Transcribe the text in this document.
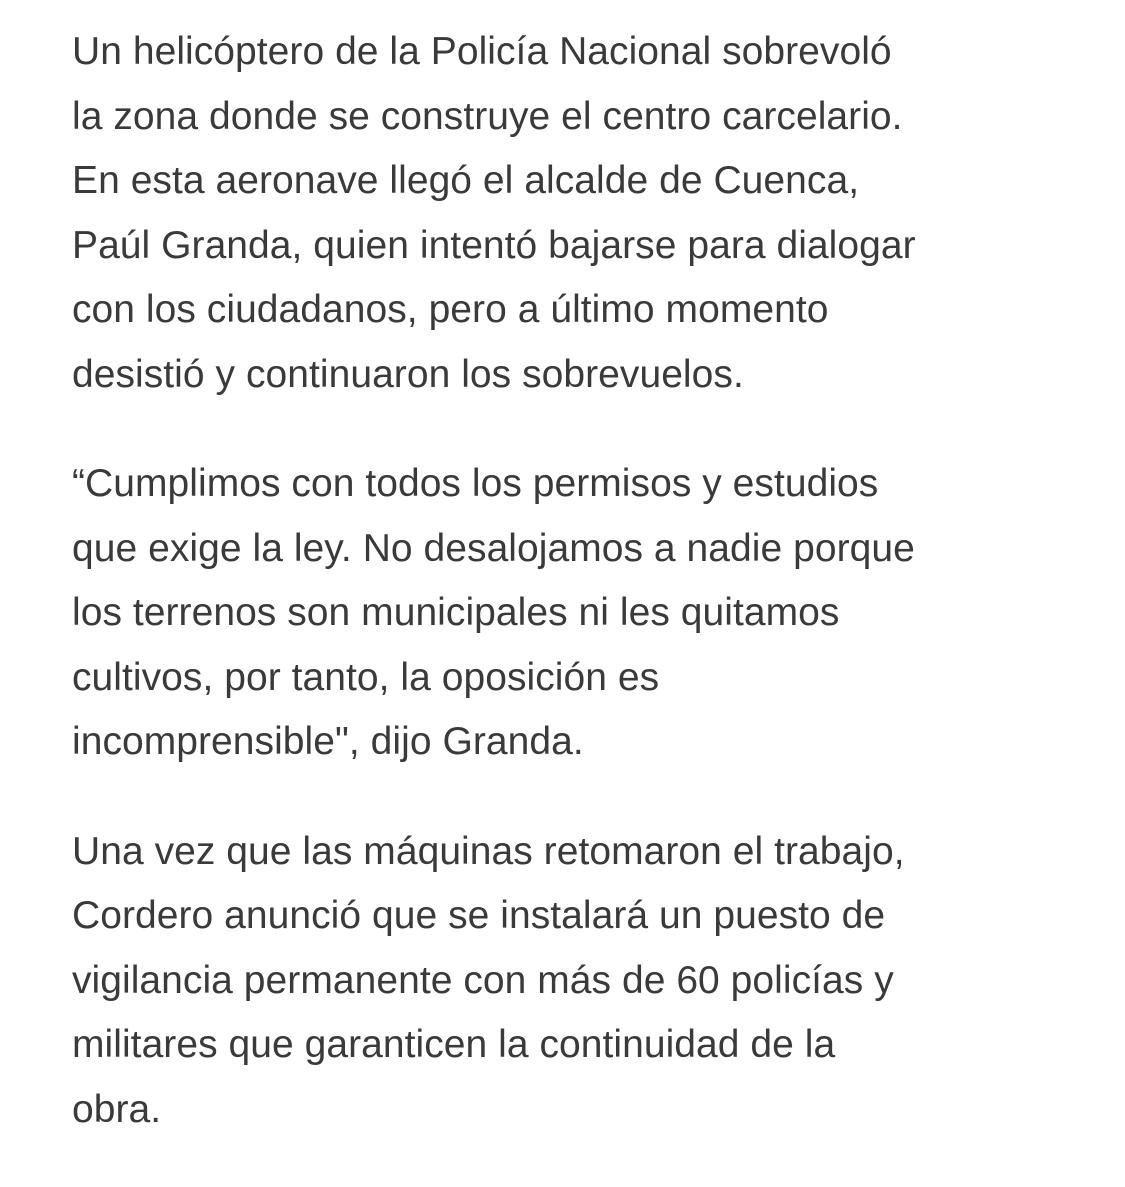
Un helicóptero de la Policía Nacional sobrevoló
la zona donde se construye el centro carcelario.
En esta aeronave llegó el alcalde de Cuenca,
Paúl Granda, quien intentó bajarse para dialogar
con los ciudadanos, pero a último momento
desistió y continuaron los sobrevuelos.

“Cumplimos con todos los permisos y estudios
que exige la ley. No desalojamos a nadie porque
los terrenos son municipales ni les quitamos
cultivos, por tanto, la oposición es
incomprensible", dijo Granda.

Una vez que las máquinas retomaron el trabajo,
Cordero anunció que se instalará un puesto de
vigilancia permanente con más de 60 policías y
militares que garanticen la continuidad de la
obra.
